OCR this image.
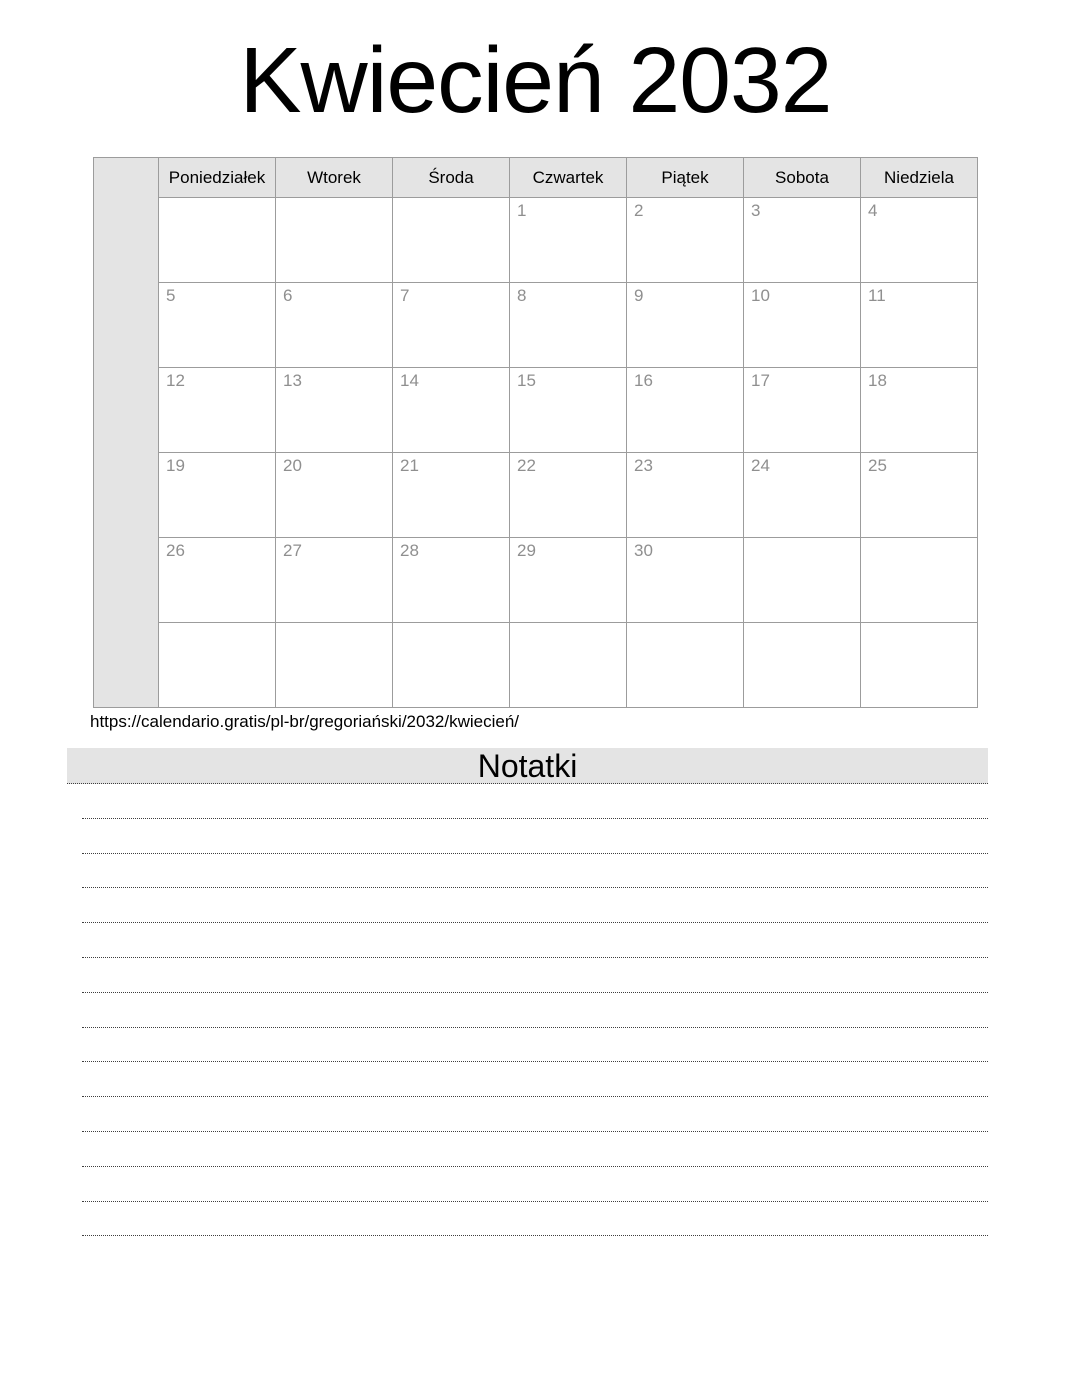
Kwiecień 2032
	Poniedziałek	Wtorek	Środa	Czwartek	Piątek	Sobota	Niedziela
				1	2	3	4
	5	6	7	8	9	10	11
	12	13	14	15	16	17	18
	19	20	21	22	23	24	25
	26	27	28	29	30		

https://calendario.gratis/pl-br/gregoriański/2032/kwiecień/
Notatki
